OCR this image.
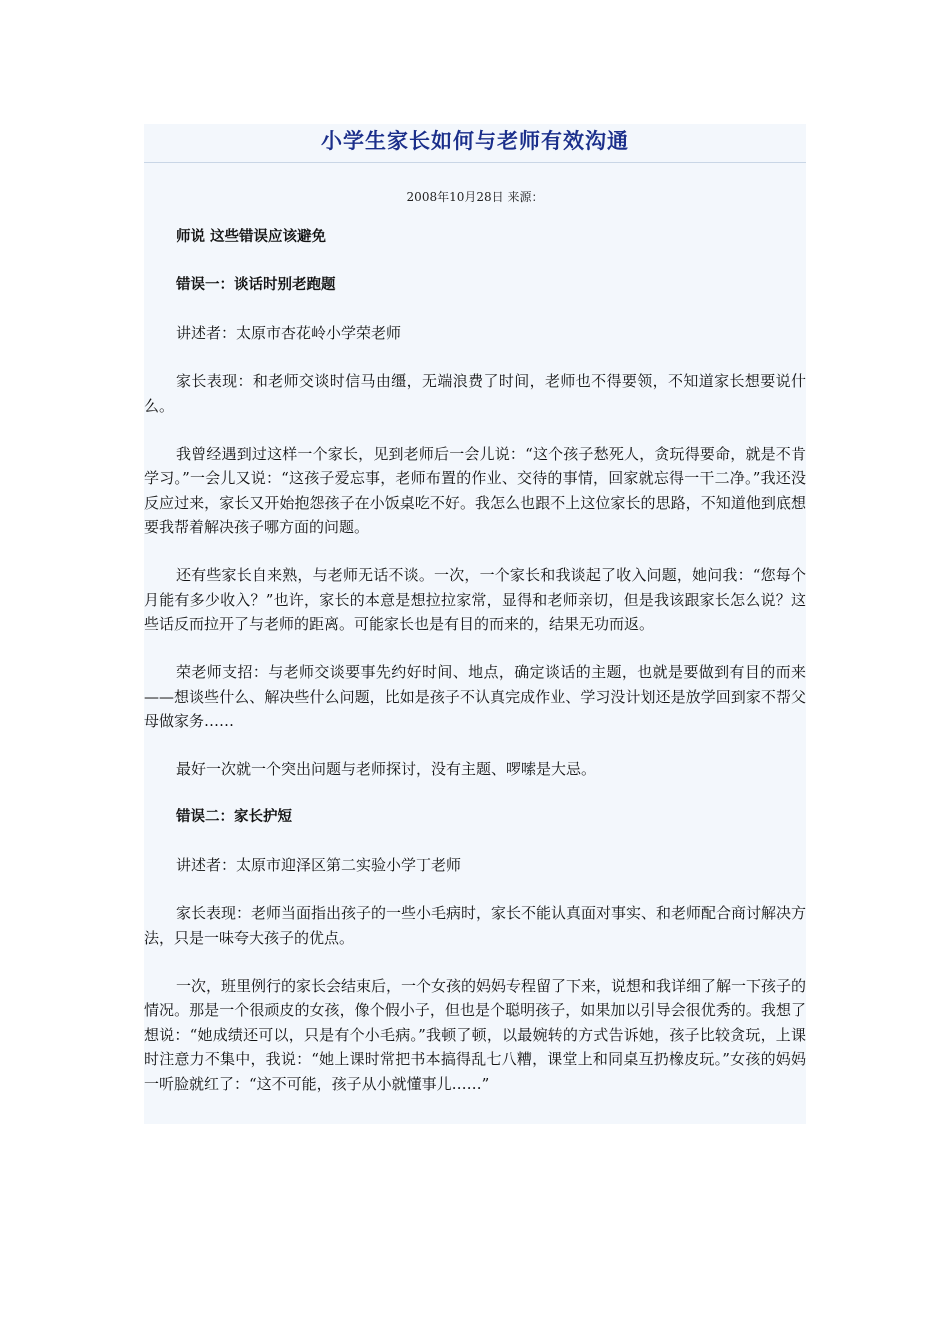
小学生家长如何与老师有效沟通
2008年10月28日 来源：

师说 这些错误应该避免

错误一：谈话时别老跑题

讲述者：太原市杏花岭小学荣老师

家长表现：和老师交谈时信马由缰，无端浪费了时间，老师也不得要领，不知道家长想要说什么。

我曾经遇到过这样一个家长，见到老师后一会儿说：“这个孩子愁死人，贪玩得要命，就是不肯学习。”一会儿又说：“这孩子爱忘事，老师布置的作业、交待的事情，回家就忘得一干二净。”我还没反应过来，家长又开始抱怨孩子在小饭桌吃不好。我怎么也跟不上这位家长的思路，不知道他到底想要我帮着解决孩子哪方面的问题。

还有些家长自来熟，与老师无话不谈。一次，一个家长和我谈起了收入问题，她问我：“您每个月能有多少收入？”也许，家长的本意是想拉拉家常，显得和老师亲切，但是我该跟家长怎么说？这些话反而拉开了与老师的距离。可能家长也是有目的而来的，结果无功而返。

荣老师支招：与老师交谈要事先约好时间、地点，确定谈话的主题，也就是要做到有目的而来——想谈些什么、解决些什么问题，比如是孩子不认真完成作业、学习没计划还是放学回到家不帮父母做家务……

最好一次就一个突出问题与老师探讨，没有主题、啰嗦是大忌。

错误二：家长护短

讲述者：太原市迎泽区第二实验小学丁老师

家长表现：老师当面指出孩子的一些小毛病时，家长不能认真面对事实、和老师配合商讨解决方法，只是一味夸大孩子的优点。

一次，班里例行的家长会结束后，一个女孩的妈妈专程留了下来，说想和我详细了解一下孩子的情况。那是一个很顽皮的女孩，像个假小子，但也是个聪明孩子，如果加以引导会很优秀的。我想了想说：“她成绩还可以，只是有个小毛病。”我顿了顿，以最婉转的方式告诉她，孩子比较贪玩，上课时注意力不集中，我说：“她上课时常把书本搞得乱七八糟，课堂上和同桌互扔橡皮玩。”女孩的妈妈一听脸就红了：“这不可能，孩子从小就懂事儿……”
